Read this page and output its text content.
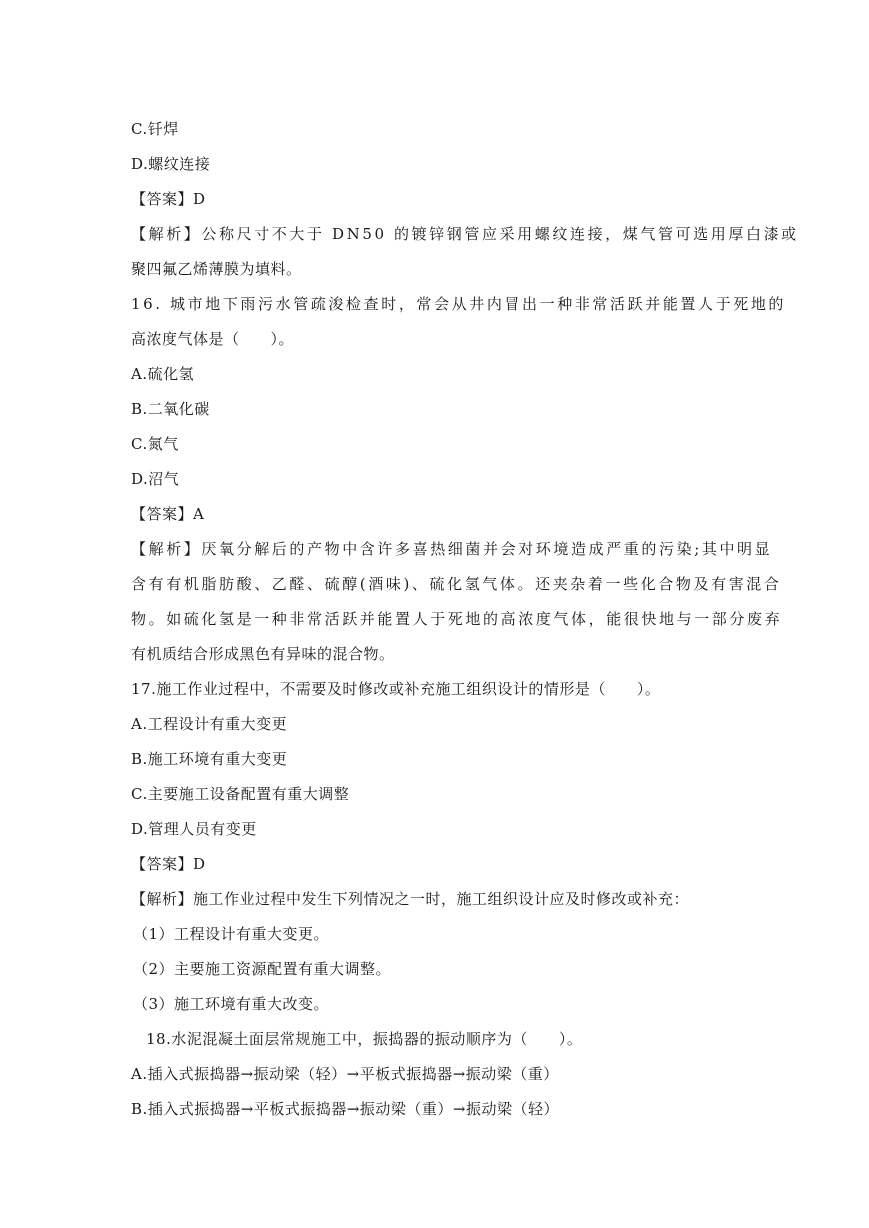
C.钎焊
D.螺纹连接
【答案】D
【解析】公称尺寸不大于 DN50 的镀锌钢管应采用螺纹连接，煤气管可选用厚白漆或
聚四氟乙烯薄膜为填料。
16. 城市地下雨污水管疏浚检查时，常会从井内冒出一种非常活跃并能置人于死地的
高浓度气体是（　　）。
A.硫化氢
B.二氧化碳
C.氮气
D.沼气
【答案】A
【解析】厌氧分解后的产物中含许多喜热细菌并会对环境造成严重的污染;其中明显
含有有机脂肪酸、乙醛、硫醇(酒味)、硫化氢气体。还夹杂着一些化合物及有害混合
物。如硫化氢是一种非常活跃并能置人于死地的高浓度气体，能很快地与一部分废弃
有机质结合形成黑色有异味的混合物。
17.施工作业过程中，不需要及时修改或补充施工组织设计的情形是（　　）。
A.工程设计有重大变更
B.施工环境有重大变更
C.主要施工设备配置有重大调整
D.管理人员有变更
【答案】D
【解析】施工作业过程中发生下列情况之一时，施工组织设计应及时修改或补充：
（1）工程设计有重大变更。
（2）主要施工资源配置有重大调整。
（3）施工环境有重大改变。
18.水泥混凝土面层常规施工中，振捣器的振动顺序为（　　）。
A.插入式振捣器→振动梁（轻）→平板式振捣器→振动梁（重）
B.插入式振捣器→平板式振捣器→振动梁（重）→振动梁（轻）
